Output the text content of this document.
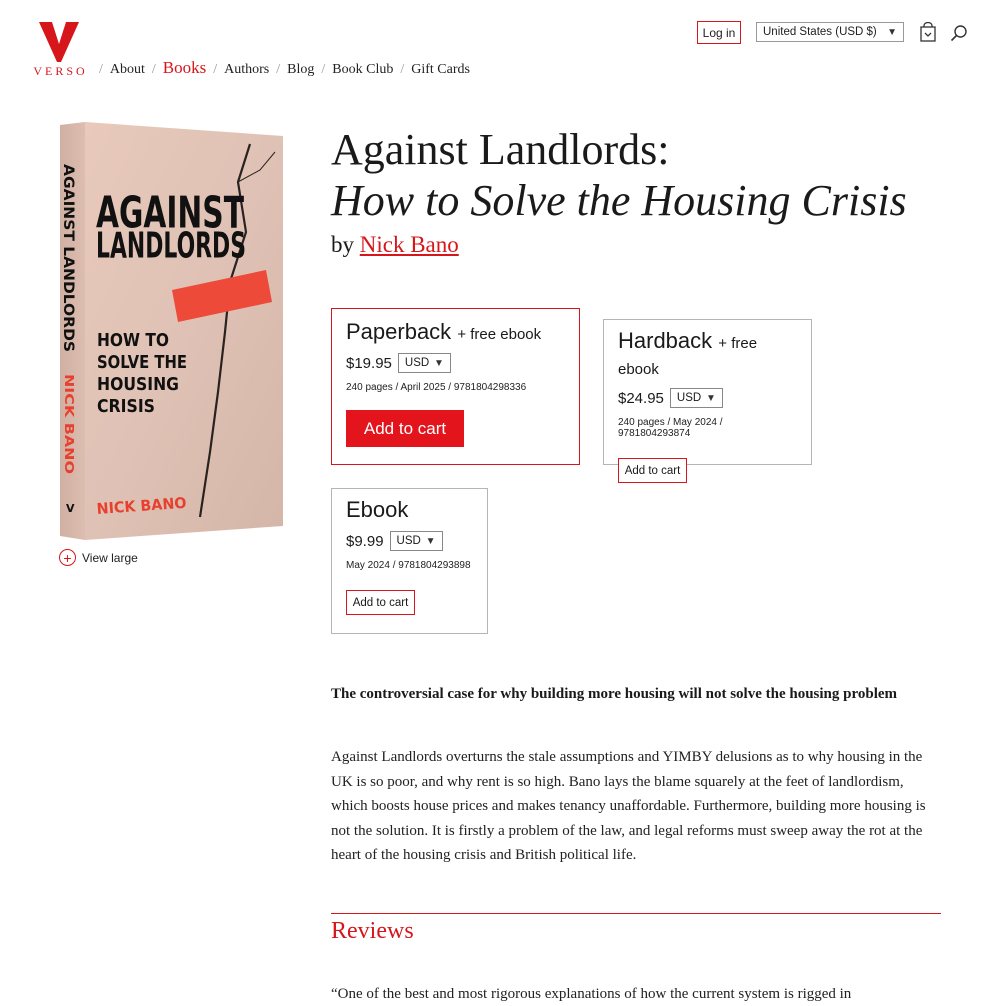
VERSO / About / Books / Authors / Blog / Book Club / Gift Cards
Log in	United States (USD $) ▼
AGAINST
LANDLORDS
HOW TO
SOLVE THE
HOUSING
CRISIS
NICK BANO
AGAINST LANDLORDS
NICK BANO
V
+ View large
Against Landlords:
How to Solve the Housing Crisis
by Nick Bano
Paperback + free ebook
$19.95 USD ▼
240 pages / April 2025 / 9781804298336
Add to cart
Hardback + free ebook
$24.95 USD ▼
240 pages / May 2024 / 9781804293874
Add to cart
Ebook
$9.99 USD ▼
May 2024 / 9781804293898
Add to cart

The controversial case for why building more housing will not solve the housing problem

Against Landlords overturns the stale assumptions and YIMBY delusions as to why housing in the UK is so poor, and why rent is so high. Bano lays the blame squarely at the feet of landlordism, which boosts house prices and makes tenancy unaffordable. Furthermore, building more housing is not the solution. It is firstly a problem of the law, and legal reforms must sweep away the rot at the heart of the housing crisis and British political life.

Reviews

“One of the best and most rigorous explanations of how the current system is rigged in
